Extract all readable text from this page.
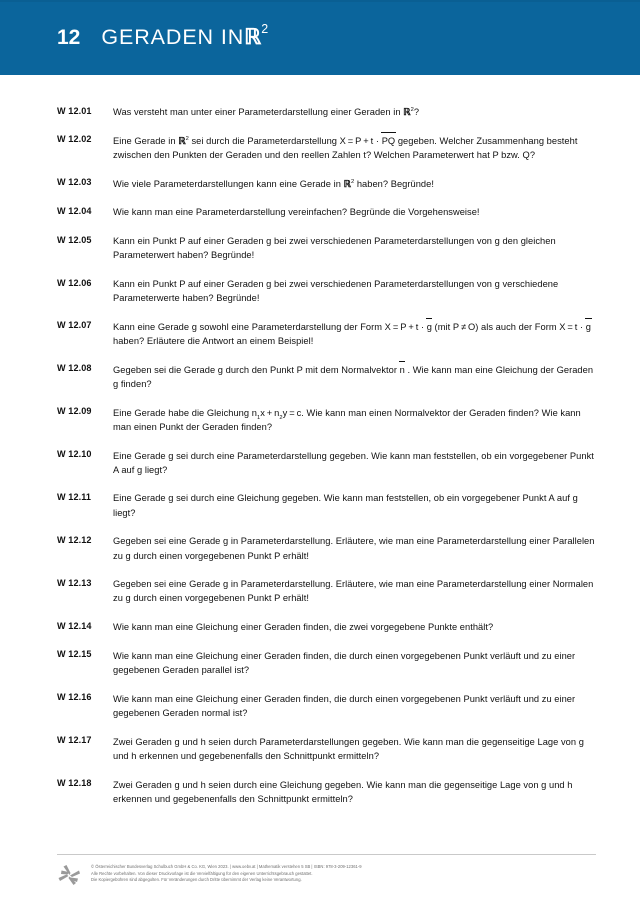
12 GERADEN IN ℝ$^2$
W 12.01	Was versteht man unter einer Parameterdarstellung einer Geraden in ℝ$^2$?
W 12.02	Eine Gerade in ℝ$^2$ sei durch die Parameterdarstellung X = P + t · PQ gegeben. Welcher Zusammenhang besteht zwischen den Punkten der Geraden und den reellen Zahlen t? Welchen Parameterwert hat P bzw. Q?
W 12.03	Wie viele Parameterdarstellungen kann eine Gerade in ℝ$^2$ haben? Begründe!
W 12.04	Wie kann man eine Parameterdarstellung vereinfachen? Begründe die Vorgehensweise!
W 12.05	Kann ein Punkt P auf einer Geraden g bei zwei verschiedenen Parameterdarstellungen von g den gleichen Parameterwert haben? Begründe!
W 12.06	Kann ein Punkt P auf einer Geraden g bei zwei verschiedenen Parameterdarstellungen von g verschiedene Parameterwerte haben? Begründe!
W 12.07	Kann eine Gerade g sowohl eine Parameterdarstellung der Form X = P + t · g (mit P ≠ O) als auch der Form X = t · g haben? Erläutere die Antwort an einem Beispiel!
W 12.08	Gegeben sei die Gerade g durch den Punkt P mit dem Normalvektor n . Wie kann man eine Gleichung der Geraden g finden?
W 12.09	Eine Gerade habe die Gleichung $n_1x + n_2y = c$. Wie kann man einen Normalvektor der Geraden finden? Wie kann man einen Punkt der Geraden finden?
W 12.10	Eine Gerade g sei durch eine Parameterdarstellung gegeben. Wie kann man feststellen, ob ein vorgegebener Punkt A auf g liegt?
W 12.11	Eine Gerade g sei durch eine Gleichung gegeben. Wie kann man feststellen, ob ein vorgegebener Punkt A auf g liegt?
W 12.12	Gegeben sei eine Gerade g in Parameterdarstellung. Erläutere, wie man eine Parameterdarstellung einer Parallelen zu g durch einen vorgegebenen Punkt P erhält!
W 12.13	Gegeben sei eine Gerade g in Parameterdarstellung. Erläutere, wie man eine Parameterdarstellung einer Normalen zu g durch einen vorgegebenen Punkt P erhält!
W 12.14	Wie kann man eine Gleichung einer Geraden finden, die zwei vorgegebene Punkte enthält?
W 12.15	Wie kann man eine Gleichung einer Geraden finden, die durch einen vorgegebenen Punkt verläuft und zu einer gegebenen Geraden parallel ist?
W 12.16	Wie kann man eine Gleichung einer Geraden finden, die durch einen vorgegebenen Punkt verläuft und zu einer gegebenen Geraden normal ist?
W 12.17	Zwei Geraden g und h seien durch Parameterdarstellungen gegeben. Wie kann man die gegenseitige Lage von g und h erkennen und gegebenenfalls den Schnittpunkt ermitteln?
W 12.18	Zwei Geraden g und h seien durch eine Gleichung gegeben. Wie kann man die gegenseitige Lage von g und h erkennen und gegebenenfalls den Schnittpunkt ermitteln?
© Österreichischer Bundesverlag Schulbuch GmbH & Co. KG, Wien 2023. | www.oebv.at | Mathematik verstehen 5 SB | ISBN: 978-3-209-12361-9
Alle Rechte vorbehalten. Von dieser Druckvorlage ist die Vervielfältigung für den eigenen Unterrichtsgebrauch gestattet.
Die Kopiergebühren sind abgegolten. Für Veränderungen durch Dritte übernimmt der Verlag keine Verantwortung.
